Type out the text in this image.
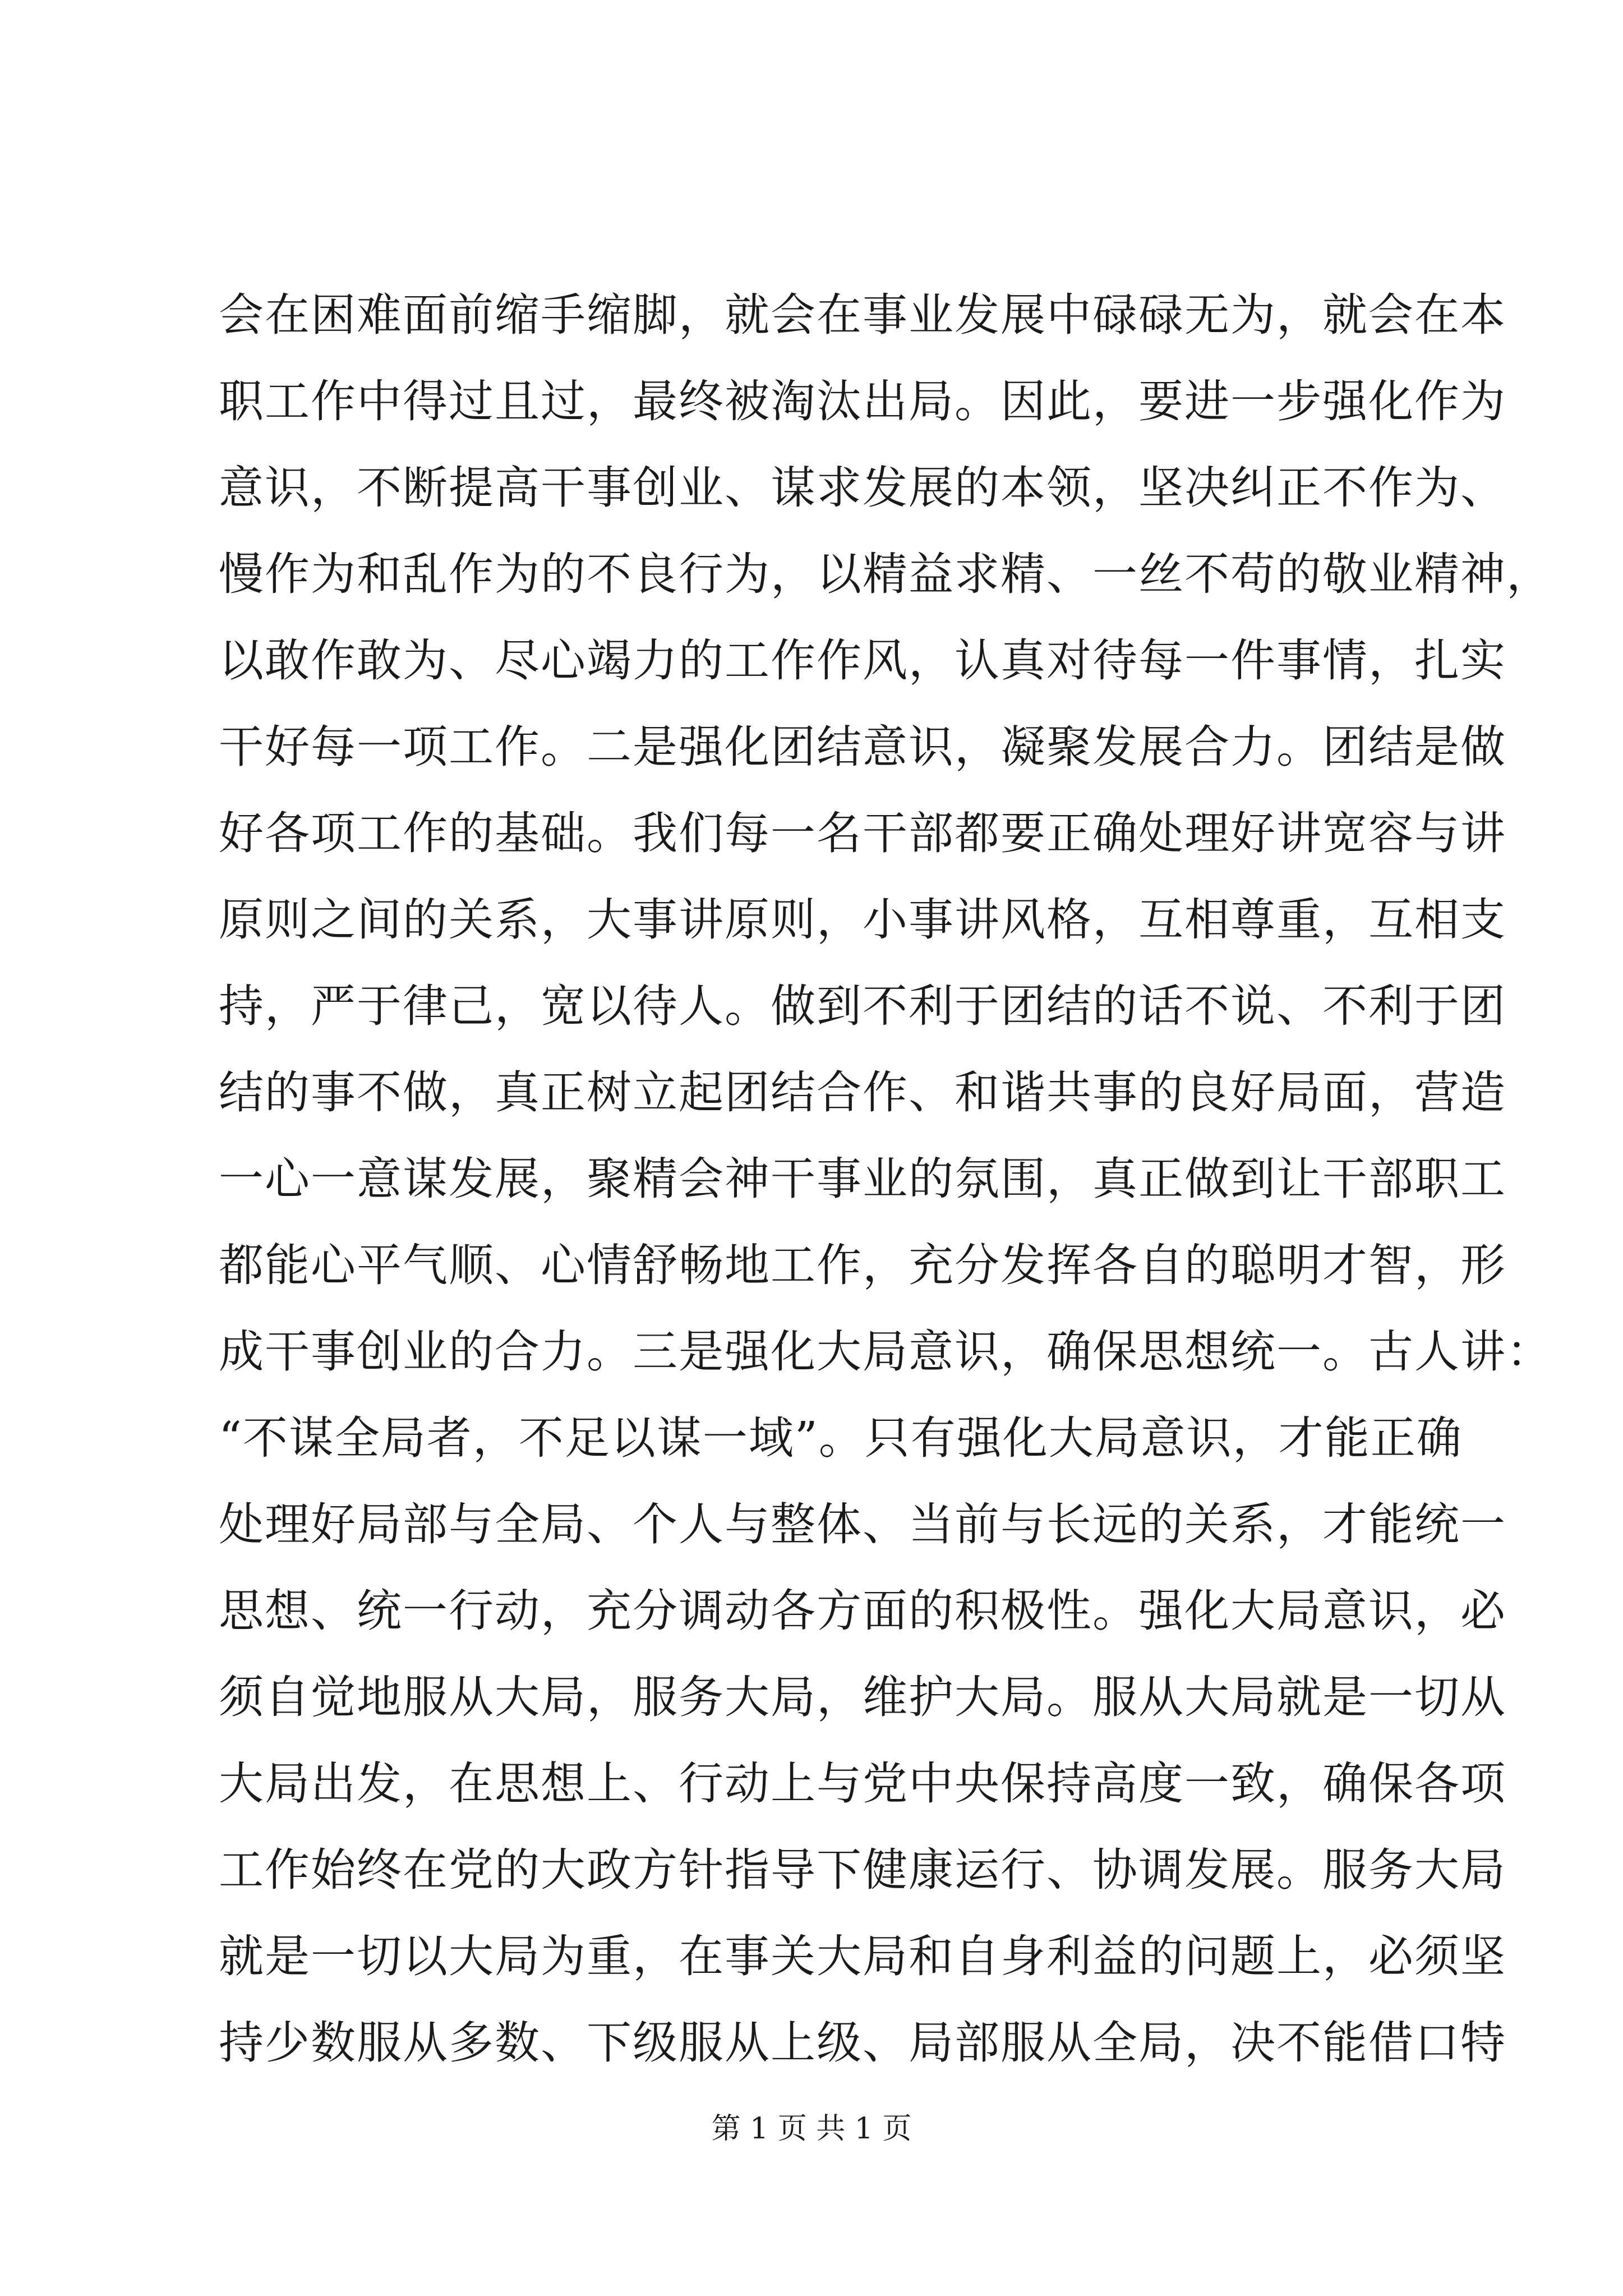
会在困难面前缩手缩脚，就会在事业发展中碌碌无为，就会在本
职工作中得过且过，最终被淘汰出局。因此，要进一步强化作为
意识，不断提高干事创业、谋求发展的本领，坚决纠正不作为、
慢作为和乱作为的不良行为，以精益求精、一丝不苟的敬业精神，
以敢作敢为、尽心竭力的工作作风，认真对待每一件事情，扎实
干好每一项工作。二是强化团结意识，凝聚发展合力。团结是做
好各项工作的基础。我们每一名干部都要正确处理好讲宽容与讲
原则之间的关系，大事讲原则，小事讲风格，互相尊重，互相支
持，严于律己，宽以待人。做到不利于团结的话不说、不利于团
结的事不做，真正树立起团结合作、和谐共事的良好局面，营造
一心一意谋发展，聚精会神干事业的氛围，真正做到让干部职工
都能心平气顺、心情舒畅地工作，充分发挥各自的聪明才智，形
成干事创业的合力。三是强化大局意识，确保思想统一。古人讲：
“不谋全局者，不足以谋一域”。只有强化大局意识，才能正确
处理好局部与全局、个人与整体、当前与长远的关系，才能统一
思想、统一行动，充分调动各方面的积极性。强化大局意识，必
须自觉地服从大局，服务大局，维护大局。服从大局就是一切从
大局出发，在思想上、行动上与党中央保持高度一致，确保各项
工作始终在党的大政方针指导下健康运行、协调发展。服务大局
就是一切以大局为重，在事关大局和自身利益的问题上，必须坚
持少数服从多数、下级服从上级、局部服从全局，决不能借口特
第 1 页 共 1 页
